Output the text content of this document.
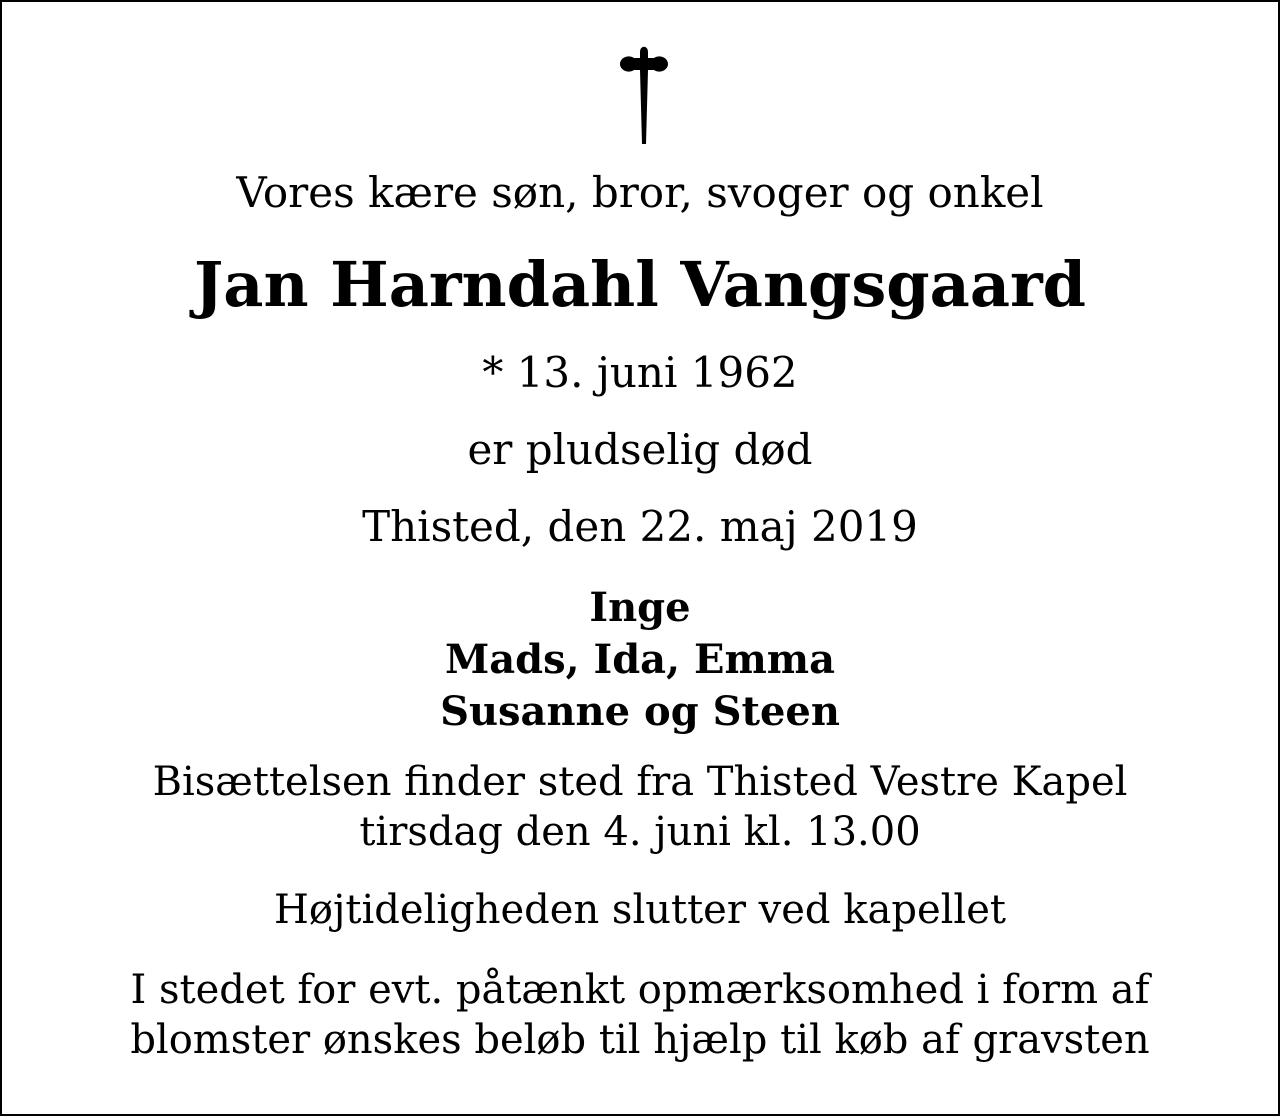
Vores kære søn, bror, svoger og onkel
Jan Harndahl Vangsgaard
* 13. juni 1962
er pludselig død
Thisted, den 22. maj 2019
Inge
Mads, Ida, Emma
Susanne og Steen
Bisættelsen finder sted fra Thisted Vestre Kapel
tirsdag den 4. juni kl. 13.00
Højtideligheden slutter ved kapellet
I stedet for evt. påtænkt opmærksomhed i form af
blomster ønskes beløb til hjælp til køb af gravsten
